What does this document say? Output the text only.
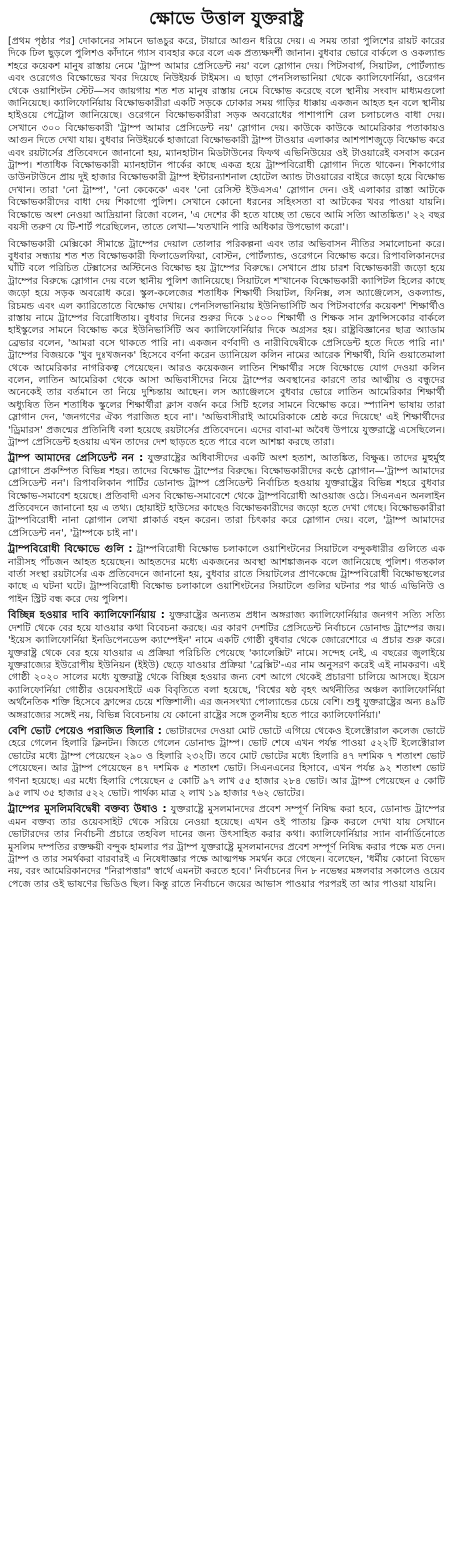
ক্ষোভে উত্তাল যুক্তরাষ্ট্র

[প্রথম পৃষ্ঠার পর] দোকানের সামনে ভাঙচুর করে, টায়ারে আগুন ধরিয়ে দেয়। এ সময় তারা পুলিশের রায়ট কারের দিকে ঢিল ছুড়লে পুলিশও কাঁদানে গ্যাস ব্যবহার করে বলে এক প্রত্যক্ষদর্শী জানান। বুধবার ভোরে বার্কলে ও ওকল্যান্ড শহরে কয়েকশ মানুষ রাস্তায় নেমে 'ট্রাম্প আমার প্রেসিডেন্ট নয়' বলে স্লোগান দেয়। পিটসবার্গ, সিয়াটল, পোর্টল্যান্ড এবং ওরেগেও বিক্ষোভের খবর দিয়েছে নিউইয়র্ক টাইমস। এ ছাড়া পেনসিলভানিয়া থেকে ক্যালিফোর্নিয়া, ওরেগন থেকে ওয়াশিংটন স্টেট—সব জায়গায় শত শত মানুষ রাস্তায় নেমে বিক্ষোভ করেছে বলে স্থানীয় সংবাদ মাধ্যমগুলো জানিয়েছে। ক্যালিফোর্নিয়ায় বিক্ষোভকারীরা একটি সড়কে ঢোকার সময় গাড়ির ধাক্কায় একজন আহত হন বলে স্থানীয় হাইওয়ে পেট্রোল জানিয়েছে। ওরেগনে বিক্ষোভকারীরা সড়ক অবরোধের পাশাপাশি রেল চলাচলেও বাধা দেয়। সেখানে ৩০০ বিক্ষোভকারী 'ট্রাম্প আমার প্রেসিডেন্ট নয়' স্লোগান দেয়। কাউকে কাউকে আমেরিকার পতাকায়ও আগুন দিতে দেখা যায়। বুধবার নিউইয়র্কে হাজারো বিক্ষোভকারী ট্রাম্প টাওয়ার এলাকার আশপাশজুড়ে বিক্ষোভ করে এবং রয়টার্সের প্রতিবেদনে জানানো হয়, ম্যানহাটান মিডটাউনের ফিফথ এভিনিউয়ের ওই টাওয়ারেই বসবাস করেন ট্রাম্প। শতাধিক বিক্ষোভকারী ম্যানহাটান পার্কের কাছে একত্র হয়ে ট্রাম্পবিরোধী স্লোগান দিতে থাকেন। শিকাগোর ডাউনটাউনে প্রায় দুই হাজার বিক্ষোভকারী ট্রাম্প ইন্টারন্যাশনাল হোটেল অ্যান্ড টাওয়ারের বাইরে জড়ো হয়ে বিক্ষোভ দেখান। তারা 'নো ট্রাম্প', 'নো কেকেকে' এবং 'নো রেসিস্ট ইউএসএ' স্লোগান দেন। ওই এলাকার রাস্তা আটকে বিক্ষোভকারীদের বাধা দেয় শিকাগো পুলিশ। সেখানে কোনো ধরনের সহিংসতা বা আটকের খবর পাওয়া যায়নি। বিক্ষোভে অংশ নেওয়া আদ্রিয়ানা রিজো বলেন, 'এ দেশের কী হতে যাচ্ছে তা ভেবে আমি সত্যি আতঙ্কিত।' ২২ বছর বয়সী তরুণ যে টি-শার্ট পরেছিলেন, তাতে লেখা—'যতখানি পারি অধিকার উপভোগ করো'।

বিক্ষোভকারী মেক্সিকো সীমান্তে ট্রাম্পের দেয়াল তোলার পরিকল্পনা এবং তার অভিবাসন নীতির সমালোচনা করে। বুধবার সন্ধ্যায় শত শত বিক্ষোভকারী ফিলাডেলফিয়া, বোস্টন, পোর্টল্যান্ড, ওরেগনে বিক্ষোভ করে। রিপাবলিকানদের ঘাঁটি বলে পরিচিত টেক্সাসের অস্টিনেও বিক্ষোভ হয় ট্রাম্পের বিরুদ্ধে। সেখানে প্রায় চারশ বিক্ষোভকারী জড়ো হয়ে ট্রাম্পের বিরুদ্ধে স্লোগান দেয় বলে স্থানীয় পুলিশ জানিয়েছে। সিয়াটলে শ'খানেক বিক্ষোভকারী ক্যাপিটল হিলের কাছে জড়ো হয়ে সড়ক অবরোধ করে। স্কুল-কলেজের শতাধিক শিক্ষার্থী সিয়াটল, ফিনিক্স, লস অ্যাঞ্জেলেস, ওকল্যান্ড, রিচমন্ড এবং এল ক্যারিতোতে বিক্ষোভ দেখায়। পেনসিলভানিয়ায় ইউনিভার্সিটি অব পিটসবার্গের কয়েকশ' শিক্ষার্থীও রাস্তায় নামে ট্রাম্পের বিরোধিতায়। বুধবার দিনের শুরুর দিকে ১৫০০ শিক্ষার্থী ও শিক্ষক সান ফ্রান্সিসকোর বার্কলে হাইস্কুলের সামনে বিক্ষোভ করে ইউনিভার্সিটি অব ক্যালিফোর্নিয়ার দিকে অগ্রসর হয়। রাষ্ট্রবিজ্ঞানের ছাত্র অ্যাডাম ব্রেভার বলেন, 'আমরা বসে থাকতে পারি না। একজন বর্ণবাদী ও নারীবিদ্বেষীকে প্রেসিডেন্ট হতে দিতে পারি না।' ট্রাম্পের বিজয়কে 'খুব দুঃখজনক' হিসেবে বর্ণনা করেন ড্যানিয়েল কলিন নামের আরেক শিক্ষার্থী, যিনি গুয়াতেমালা থেকে আমেরিকার নাগরিকত্ব পেয়েছেন। আরও কয়েকজন লাতিন শিক্ষার্থীর সঙ্গে বিক্ষোভে যোগ দেওয়া কলিন বলেন, লাতিন আমেরিকা থেকে আসা অভিবাসীদের নিয়ে ট্রাম্পের অবস্থানের কারণে তার আত্মীয় ও বন্ধুদের অনেকেই তার বর্তমানে তা নিয়ে দুশ্চিন্তায় আছেন। লস অ্যাঞ্জেলসে বুধবার ভোরে লাতিন আমেরিকার শিক্ষার্থী অধ্যুষিত তিন শতাধিক স্কুলের শিক্ষার্থীরা ক্লাস বর্জন করে সিটি হলের সামনে বিক্ষোভ করে। স্প্যানিশ ভাষায় তারা স্লোগান দেন, 'জনগণের ঐক্য পরাজিত হবে না'। 'অভিবাসীরাই আমেরিকাকে শ্রেষ্ঠ করে দিয়েছে' এই শিক্ষার্থীদের 'ড্রিমারস' প্রজন্মের প্রতিনিধি বলা হয়েছে রয়টার্সের প্রতিবেদনে। এদের বাবা-মা অবৈধ উপায়ে যুক্তরাষ্ট্রে এসেছিলেন। ট্রাম্প প্রেসিডেন্ট হওয়ায় এখন তাদের দেশ ছাড়তে হতে পারে বলে আশঙ্কা করছে তারা।

ট্রাম্প আমাদের প্রেসিডেন্ট নন : যুক্তরাষ্ট্রের অধিবাসীদের একটি অংশ হতাশ, আতঙ্কিত, বিক্ষুব্ধ। তাদের মুহুর্মুহু স্লোগানে প্রকম্পিত বিভিন্ন শহর। তাদের বিক্ষোভ ট্রাম্পের বিরুদ্ধে। বিক্ষোভকারীদের কণ্ঠে স্লোগান—'ট্রাম্প আমাদের প্রেসিডেন্ট নন'। রিপাবলিকান পার্টির ডোনাল্ড ট্রাম্প প্রেসিডেন্ট নির্বাচিত হওয়ায় যুক্তরাষ্ট্রের বিভিন্ন শহরে বুধবার বিক্ষোভ-সমাবেশ হয়েছে। প্রতিবাদী এসব বিক্ষোভ-সমাবেশে থেকে ট্রাম্পবিরোধী আওয়াজ ওঠে। সিএনএন অনলাইন প্রতিবেদনে জানানো হয় এ তথ্য। হোয়াইট হাউসের কাছেও বিক্ষোভকারীদের জড়ো হতে দেখা গেছে। বিক্ষোভকারীরা ট্রাম্পবিরোধী নানা স্লোগান লেখা প্লাকার্ড বহন করেন। তারা চিৎকার করে স্লোগান দেয়। বলে, 'ট্রাম্প আমাদের প্রেসিডেন্ট নন', 'ট্রাম্পকে চাই না'।

ট্রাম্পবিরোধী বিক্ষোভে গুলি : ট্রাম্পবিরোধী বিক্ষোভ চলাকালে ওয়াশিংটনের সিয়াটলে বন্দুকধারীর গুলিতে এক নারীসহ পাঁচজন আহত হয়েছেন। আহতদের মধ্যে একজনের অবস্থা আশঙ্কাজনক বলে জানিয়েছে পুলিশ। গতকাল বার্তা সংস্থা রয়টার্সের এক প্রতিবেদনে জানানো হয়, বুধবার রাতে সিয়াটলের প্রাণকেন্দ্রে ট্রাম্পবিরোধী বিক্ষোভস্থলের কাছে এ ঘটনা ঘটে। ট্রাম্পবিরোধী বিক্ষোভ চলাকালে ওয়াশিংটনের সিয়াটলে গুলির ঘটনার পর থার্ড এভিনিউ ও পাইন স্ট্রিট বন্ধ করে দেয় পুলিশ।

বিচ্ছিন্ন হওয়ার দাবি ক্যালিফোর্নিয়ায় : যুক্তরাষ্ট্রের অন্যতম প্রধান অঙ্গরাজ্য ক্যালিফোর্নিয়ার জনগণ সত্যি সত্যি দেশটি থেকে বের হয়ে যাওয়ার কথা বিবেচনা করছে। এর কারণ দেশটির প্রেসিডেন্ট নির্বাচনে ডোনাল্ড ট্রাম্পের জয়। 'ইয়েস ক্যালিফোর্নিয়া ইনডিপেনডেন্স ক্যাম্পেইন' নামে একটি গোষ্ঠী বুধবার থেকে জোরেশোরে এ প্রচার শুরু করে। যুক্তরাষ্ট্র থেকে বের হয়ে যাওয়ার এ প্রক্রিয়া পরিচিতি পেয়েছে 'ক্যালেক্সিট' নামে। সন্দেহ নেই, এ বছরের জুলাইয়ে যুক্তরাজ্যের ইউরোপীয় ইউনিয়ন (ইইউ) ছেড়ে যাওয়ার প্রক্রিয়া 'ব্রেক্সিট'-এর নাম অনুসরণ করেই এই নামকরণ। এই গোষ্ঠী ২০২০ সালের মধ্যে যুক্তরাষ্ট্র থেকে বিচ্ছিন্ন হওয়ার জন্য বেশ আগে থেকেই প্রচারণা চালিয়ে আসছে। ইয়েস ক্যালিফোর্নিয়া গোষ্ঠীর ওয়েবসাইটে এক বিবৃতিতে বলা হয়েছে, 'বিশ্বের ষষ্ঠ বৃহৎ অর্থনীতির অঞ্চল ক্যালিফোর্নিয়া অর্থনৈতিক শক্তি হিসেবে ফ্রান্সের চেয়ে শক্তিশালী। এর জনসংখ্যা পোল্যান্ডের চেয়ে বেশি। শুধু যুক্তরাষ্ট্রের অন্য ৪৯টি অঙ্গরাজ্যের সঙ্গেই নয়, বিভিন্ন বিবেচনায় যে কোনো রাষ্ট্রের সঙ্গে তুলনীয় হতে পারে ক্যালিফোর্নিয়া।'

বেশি ভোট পেয়েও পরাজিত হিলারি : ভোটারদের দেওয়া মোট ভোটে এগিয়ে থেকেও ইলেক্টোরাল কলেজ ভোটে হেরে গেলেন হিলারি ক্লিনটন। জিতে গেলেন ডোনাল্ড ট্রাম্প। ভোট শেষে এখন পর্যন্ত পাওয়া ৫২২টি ইলেক্টোরাল ভোটের মধ্যে ট্রাম্প পেয়েছেন ২৯০ ও হিলারি ২৩২টি। তবে মোট ভোটের মধ্যে হিলারি ৪৭ দশমিক ৭ শতাংশ ভোট পেয়েছেন। আর ট্রাম্প পেয়েছেন ৪৭ দশমিক ৫ শতাংশ ভোট। সিএনএনের হিসাবে, এখন পর্যন্ত ৯২ শতাংশ ভোট গণনা হয়েছে। এর মধ্যে হিলারি পেয়েছেন ৫ কোটি ৯৭ লাখ ৫৫ হাজার ২৮৪ ভোট। আর ট্রাম্প পেয়েছেন ৫ কোটি ৯৫ লাখ ৩৫ হাজার ৫২২ ভোট। পার্থক্য মাত্র ২ লাখ ১৯ হাজার ৭৬২ ভোটের।

ট্রাম্পের মুসলিমবিদ্বেষী বক্তব্য উধাও : যুক্তরাষ্ট্রে মুসলমানদের প্রবেশ সম্পূর্ণ নিষিদ্ধ করা হবে, ডোনাল্ড ট্রাম্পের এমন বক্তব্য তার ওয়েবসাইট থেকে সরিয়ে নেওয়া হয়েছে। এখন ওই পাতায় ক্লিক করলে দেখা যায় সেখানে ভোটারদের তার নির্বাচনী প্রচারে তহবিল দানের জন্য উৎসাহিত করার কথা। ক্যালিফোর্নিয়ার স্যান বার্নার্ডিনোতে মুসলিম দম্পতির রক্তক্ষয়ী বন্দুক হামলার পর ট্রাম্প যুক্তরাষ্ট্রে মুসলমানদের প্রবেশ সম্পূর্ণ নিষিদ্ধ করার পক্ষে মত দেন। ট্রাম্প ও তার সমর্থকরা বারবারই এ নিষেধাজ্ঞার পক্ষে আত্মপক্ষ সমর্থন করে গেছেন। বলেছেন, 'ধর্মীয় কোনো বিভেদ নয়, বরং আমেরিকানদের "নিরাপত্তার" স্বার্থে এমনটা করতে হবে।' নির্বাচনের দিন ৮ নভেম্বর মঙ্গলবার সকালেও ওয়েব পেজে তার ওই ভাষণের ভিডিও ছিল। কিন্তু রাতে নির্বাচনে জয়ের আভাস পাওয়ার পরপরই তা আর পাওয়া যায়নি।
